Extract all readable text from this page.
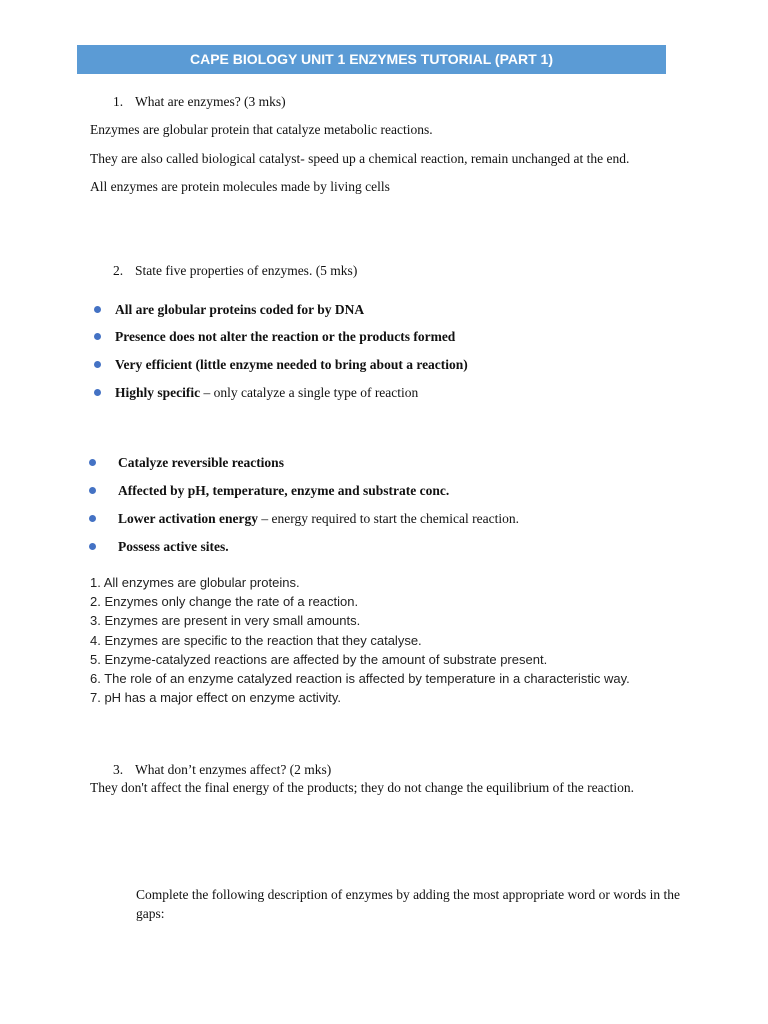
CAPE BIOLOGY UNIT 1 ENZYMES TUTORIAL (PART 1)
1. What are enzymes? (3 mks)
Enzymes are globular protein that catalyze metabolic reactions.
They are also called biological catalyst- speed up a chemical reaction, remain unchanged at the end.
All enzymes are protein molecules made by living cells
2. State five properties of enzymes. (5 mks)
All are globular proteins coded for by DNA
Presence does not alter the reaction or the products formed
Very efficient (little enzyme needed to bring about a reaction)
Highly specific – only catalyze a single type of reaction
Catalyze reversible reactions
Affected by pH, temperature, enzyme and substrate conc.
Lower activation energy – energy required to start the chemical reaction.
Possess active sites.
1. All enzymes are globular proteins.
2. Enzymes only change the rate of a reaction.
3. Enzymes are present in very small amounts.
4. Enzymes are specific to the reaction that they catalyse.
5. Enzyme-catalyzed reactions are affected by the amount of substrate present.
6. The role of an enzyme catalyzed reaction is affected by temperature in a characteristic way.
7. pH has a major effect on enzyme activity.
3. What don’t enzymes affect? (2 mks)
They don't affect the final energy of the products; they do not change the equilibrium of the reaction.
Complete the following description of enzymes by adding the most appropriate word or words in the gaps:
